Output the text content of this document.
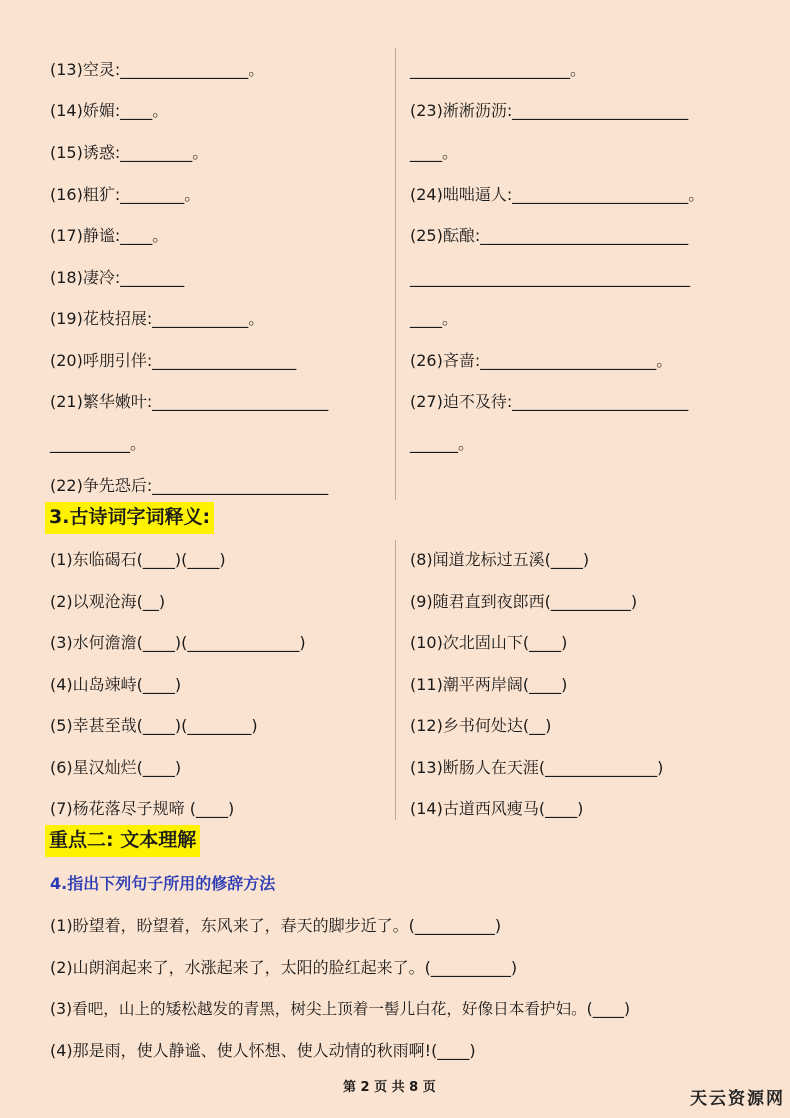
(13)空灵:________________。
(14)娇媚:____。
(15)诱惑:_________。
(16)粗犷:________。
(17)静谧:____。
(18)凄冷:________
(19)花枝招展:____________。
(20)呼朋引伴:__________________
(21)繁华嫩叶:______________________
__________。
(22)争先恐后:______________________
____________________。
(23)淅淅沥沥:______________________
____。
(24)咄咄逼人:______________________。
(25)酝酿:__________________________
___________________________________
____。
(26)吝啬:______________________。
(27)迫不及待:______________________
______。
3.古诗词字词释义:
(1)东临碣石(____)(____)
(2)以观沧海(__)
(3)水何澹澹(____)(______________)
(4)山岛竦峙(____)
(5)幸甚至哉(____)(________)
(6)星汉灿烂(____)
(7)杨花落尽子规啼 (____)
(8)闻道龙标过五溪(____)
(9)随君直到夜郎西(__________)
(10)次北固山下(____)
(11)潮平两岸阔(____)
(12)乡书何处达(__)
(13)断肠人在天涯(______________)
(14)古道西风瘦马(____)
重点二: 文本理解
4.指出下列句子所用的修辞方法
(1)盼望着，盼望着，东风来了，春天的脚步近了。(__________)
(2)山朗润起来了，水涨起来了，太阳的脸红起来了。(__________)
(3)看吧，山上的矮松越发的青黑，树尖上顶着一髻儿白花，好像日本看护妇。(____)
(4)那是雨，使人静谧、使人怀想、使人动情的秋雨啊!(____)
第 2 页 共 8 页
天云资源网
